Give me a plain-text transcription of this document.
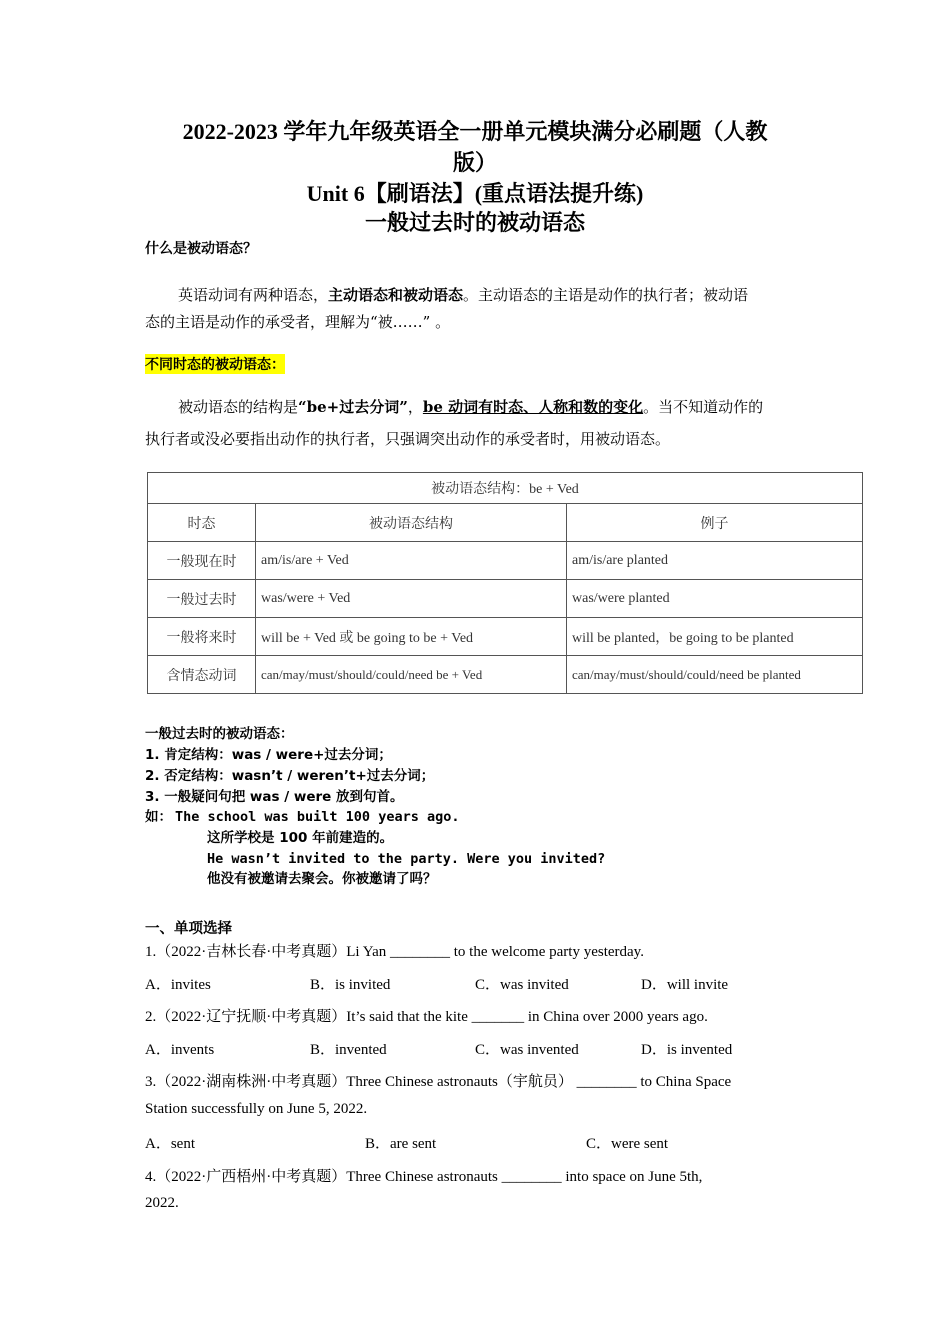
2022-2023 学年九年级英语全一册单元模块满分必刷题（人教
版）
Unit 6【刷语法】(重点语法提升练)
一般过去时的被动语态
什么是被动语态？
英语动词有两种语态，主动语态和被动语态。主动语态的主语是动作的执行者；被动语
态的主语是动作的承受者，理解为“被……” 。
不同时态的被动语态：
被动语态的结构是“be+过去分词”，be 动词有时态、人称和数的变化。当不知道动作的
执行者或没必要指出动作的执行者，只强调突出动作的承受者时，用被动语态。
被动语态结构：be + Ved		
时态	被动语态结构	例子
一般现在时	am/is/are + Ved	am/is/are planted
一般过去时	was/were + Ved	was/were planted
一般将来时	will be + Ved 或 be going to be + Ved	will be planted，be going to be planted
含情态动词	can/may/must/should/could/need be + Ved	can/may/must/should/could/need be planted
一般过去时的被动语态：
1. 肯定结构：was / were+过去分词；
2. 否定结构：wasn’t / weren’t+过去分词；
3. 一般疑问句把 was / were 放到句首。
如： The school was built 100 years ago.
这所学校是 100 年前建造的。
He wasn’t invited to the party. Were you invited?
他没有被邀请去聚会。你被邀请了吗？
一、单项选择
1.（2022·吉林长春·中考真题）Li Yan ________ to the welcome party yesterday.
A．invites	B．is invited	C．was invited	D．will invite
2.（2022·辽宁抚顺·中考真题）It’s said that the kite _______ in China over 2000 years ago.
A．invents	B．invented	C．was invented	D．is invented
3.（2022·湖南株洲·中考真题）Three Chinese astronauts（宇航员） ________ to China Space
Station successfully on June 5, 2022.
A．sent	B．are sent	C．were sent
4.（2022·广西梧州·中考真题）Three Chinese astronauts ________ into space on June 5th,
2022.
